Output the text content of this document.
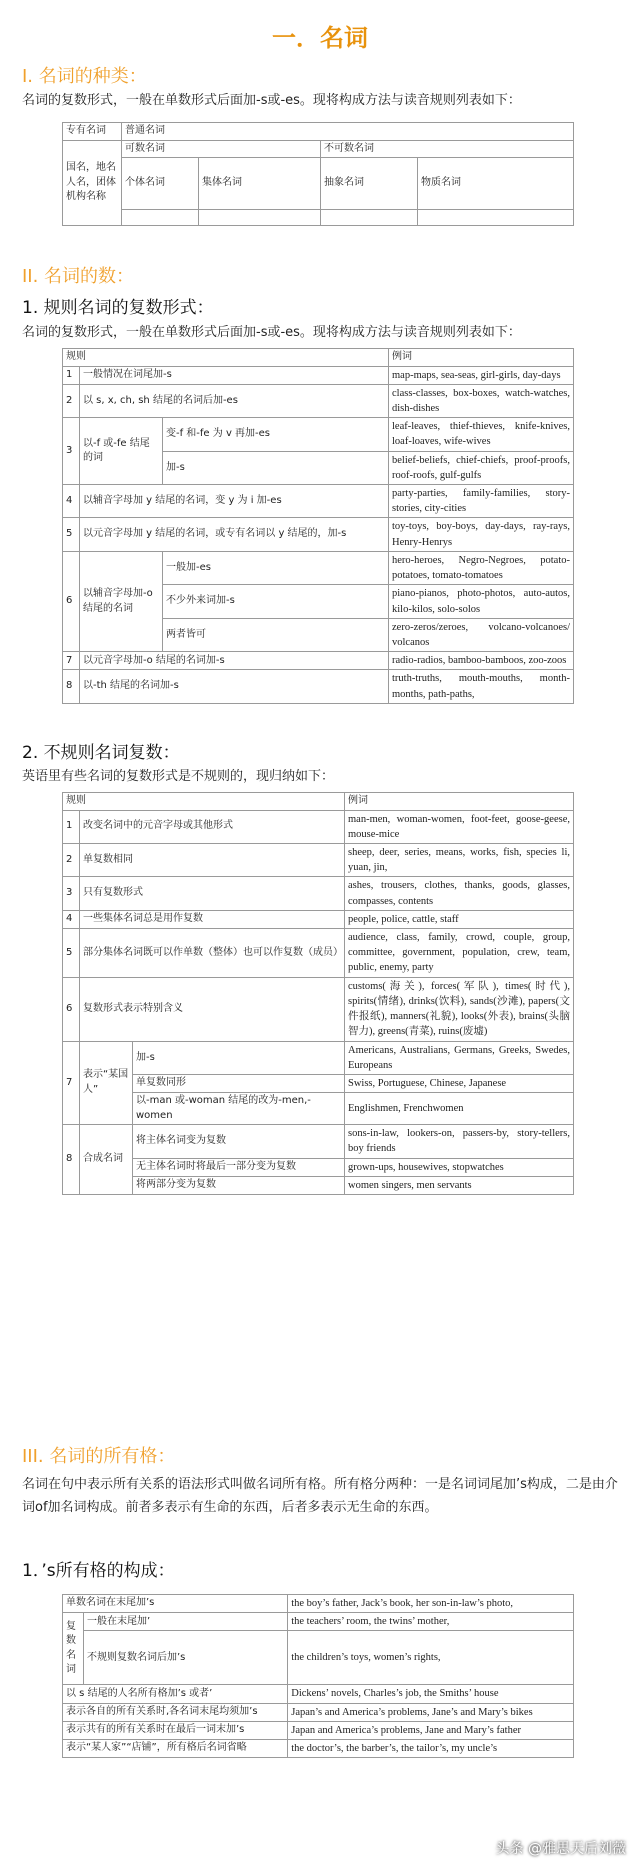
一．名词
I. 名词的种类：
名词的复数形式，一般在单数形式后面加-s或-es。现将构成方法与读音规则列表如下：
专有名词	普通名词			
国名，地名人名，团体机构名称	可数名词		不可数名词	
	个体名词	集体名词	抽象名词	物质名词

II. 名词的数：
1. 规则名词的复数形式：
名词的复数形式，一般在单数形式后面加-s或-es。现将构成方法与读音规则列表如下：
规则			例词
1	一般情况在词尾加-s		map-maps, sea-seas, girl-girls, day-days
2	以 s, x, ch, sh 结尾的名词后加-es		class-classes, box-boxes, watch-watches, dish-dishes
3	以-f 或-fe 结尾的词	变-f 和-fe 为 v 再加-es	leaf-leaves, thief-thieves, knife-knives, loaf-loaves, wife-wives
		加-s	belief-beliefs, chief-chiefs, proof-proofs, roof-roofs, gulf-gulfs
4	以辅音字母加 y 结尾的名词，变 y 为 i 加-es		party-parties, family-families, story-stories, city-cities
5	以元音字母加 y 结尾的名词，或专有名词以 y 结尾的，加-s		toy-toys, boy-boys, day-days, ray-rays, Henry-Henrys
6	以辅音字母加-o 结尾的名词	一般加-es	hero-heroes, Negro-Negroes, potato-potatoes, tomato-tomatoes
		不少外来词加-s	piano-pianos, photo-photos, auto-autos, kilo-kilos, solo-solos
		两者皆可	zero-zeros/zeroes, volcano-volcanoes/ volcanos
7	以元音字母加-o 结尾的名词加-s		radio-radios, bamboo-bamboos, zoo-zoos
8	以-th 结尾的名词加-s		truth-truths, mouth-mouths, month-months, path-paths,
2. 不规则名词复数：
英语里有些名词的复数形式是不规则的，现归纳如下：
规则			例词
1	改变名词中的元音字母或其他形式		man-men, woman-women, foot-feet, goose-geese, mouse-mice
2	单复数相同		sheep, deer, series, means, works, fish, species li, yuan, jin,
3	只有复数形式		ashes, trousers, clothes, thanks, goods, glasses, compasses, contents
4	一些集体名词总是用作复数		people, police, cattle, staff
5	部分集体名词既可以作单数（整体）也可以作复数（成员）		audience, class, family, crowd, couple, group, committee, government, population, crew, team, public, enemy, party
6	复数形式表示特别含义		customs(海关), forces(军队), times(时代), spirits(情绪), drinks(饮料), sands(沙滩), papers(文件报纸), manners(礼貌), looks(外表), brains(头脑智力), greens(青菜), ruins(废墟)
7	表示“某国人”	加-s	Americans, Australians, Germans, Greeks, Swedes, Europeans
		单复数同形	Swiss, Portuguese, Chinese, Japanese
		以-man 或-woman 结尾的改为-men,-women	Englishmen, Frenchwomen
8	合成名词	将主体名词变为复数	sons-in-law, lookers-on, passers-by, story-tellers, boy friends
		无主体名词时将最后一部分变为复数	grown-ups, housewives, stopwatches
		将两部分变为复数	women singers, men servants
III. 名词的所有格：
名词在句中表示所有关系的语法形式叫做名词所有格。所有格分两种：一是名词词尾加’s构成，二是由介词of加名词构成。前者多表示有生命的东西，后者多表示无生命的东西。
1．’s所有格的构成：
单数名词在末尾加’s		the boy’s father, Jack’s book, her son-in-law’s photo,
复数名词	一般在末尾加’	the teachers’ room, the twins’ mother,
	不规则复数名词后加’s	the children’s toys, women’s rights,
以 s 结尾的人名所有格加’s 或者’		Dickens’ novels, Charles’s job, the Smiths’ house
表示各自的所有关系时,各名词末尾均须加’s		Japan’s and America’s problems, Jane’s and Mary’s bikes
表示共有的所有关系时在最后一词末加’s		Japan and America’s problems, Jane and Mary’s father
表示“某人家”“店铺”，所有格后名词省略		the doctor’s, the barber’s, the tailor’s, my uncle’s
头条 @雅思天后刘薇
